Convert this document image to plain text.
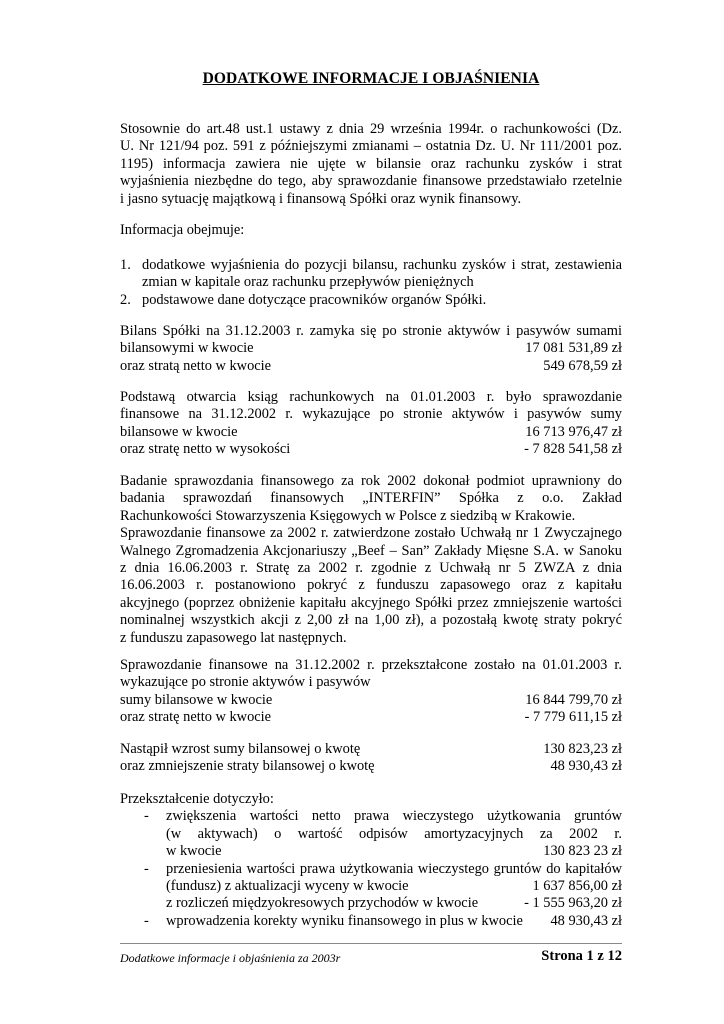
DODATKOWE INFORMACJE I OBJAŚNIENIA
Stosownie do art.48 ust.1 ustawy z dnia 29 września 1994r. o rachunkowości (Dz.
U. Nr 121/94 poz. 591 z późniejszymi zmianami – ostatnia Dz. U. Nr 111/2001 poz.
1195) informacja zawiera nie ujęte w bilansie oraz rachunku zysków i strat
wyjaśnienia niezbędne do tego, aby sprawozdanie finansowe przedstawiało rzetelnie
i jasno sytuację majątkową i finansową Spółki oraz wynik finansowy.
Informacja obejmuje:
1. dodatkowe wyjaśnienia do pozycji bilansu, rachunku zysków i strat, zestawienia
zmian w kapitale oraz rachunku przepływów pieniężnych
2. podstawowe dane dotyczące pracowników organów Spółki.
Bilans Spółki na 31.12.2003 r. zamyka się po stronie aktywów i pasywów sumami
bilansowymi w kwocie	17 081 531,89 zł
oraz stratą netto w kwocie	549 678,59 zł
Podstawą otwarcia ksiąg rachunkowych na 01.01.2003 r. było sprawozdanie
finansowe na 31.12.2002 r. wykazujące po stronie aktywów i pasywów sumy
bilansowe w kwocie	16 713 976,47 zł
oraz stratę netto w wysokości	- 7 828 541,58 zł
Badanie sprawozdania finansowego za rok 2002 dokonał podmiot uprawniony do
badania sprawozdań finansowych „INTERFIN” Spółka z o.o. Zakład
Rachunkowości Stowarzyszenia Księgowych w Polsce z siedzibą w Krakowie.
Sprawozdanie finansowe za 2002 r. zatwierdzone zostało Uchwałą nr 1 Zwyczajnego
Walnego Zgromadzenia Akcjonariuszy „Beef – San” Zakłady Mięsne S.A. w Sanoku
z dnia 16.06.2003 r. Stratę za 2002 r. zgodnie z Uchwałą nr 5 ZWZA z dnia
16.06.2003 r. postanowiono pokryć z funduszu zapasowego oraz z kapitału
akcyjnego (poprzez obniżenie kapitału akcyjnego Spółki przez zmniejszenie wartości
nominalnej wszystkich akcji z 2,00 zł na 1,00 zł), a pozostałą kwotę straty pokryć
z funduszu zapasowego lat następnych.
Sprawozdanie finansowe na 31.12.2002 r. przekształcone zostało na 01.01.2003 r.
wykazujące po stronie aktywów i pasywów
sumy bilansowe w kwocie	16 844 799,70 zł
oraz stratę netto w kwocie	- 7 779 611,15 zł
Nastąpił wzrost sumy bilansowej o kwotę	130 823,23 zł
oraz zmniejszenie straty bilansowej o kwotę	48 930,43 zł
Przekształcenie dotyczyło:
-	zwiększenia wartości netto prawa wieczystego użytkowania gruntów
(w aktywach) o wartość odpisów amortyzacyjnych za 2002 r.
w kwocie	130 823 23 zł
-	przeniesienia wartości prawa użytkowania wieczystego gruntów do kapitałów
(fundusz) z aktualizacji wyceny w kwocie	1 637 856,00 zł
z rozliczeń międzyokresowych przychodów w kwocie	- 1 555 963,20 zł
-	wprowadzenia korekty wyniku finansowego in plus w kwocie 48 930,43 zł
Dodatkowe informacje i objaśnienia za 2003r	Strona 1 z 12
